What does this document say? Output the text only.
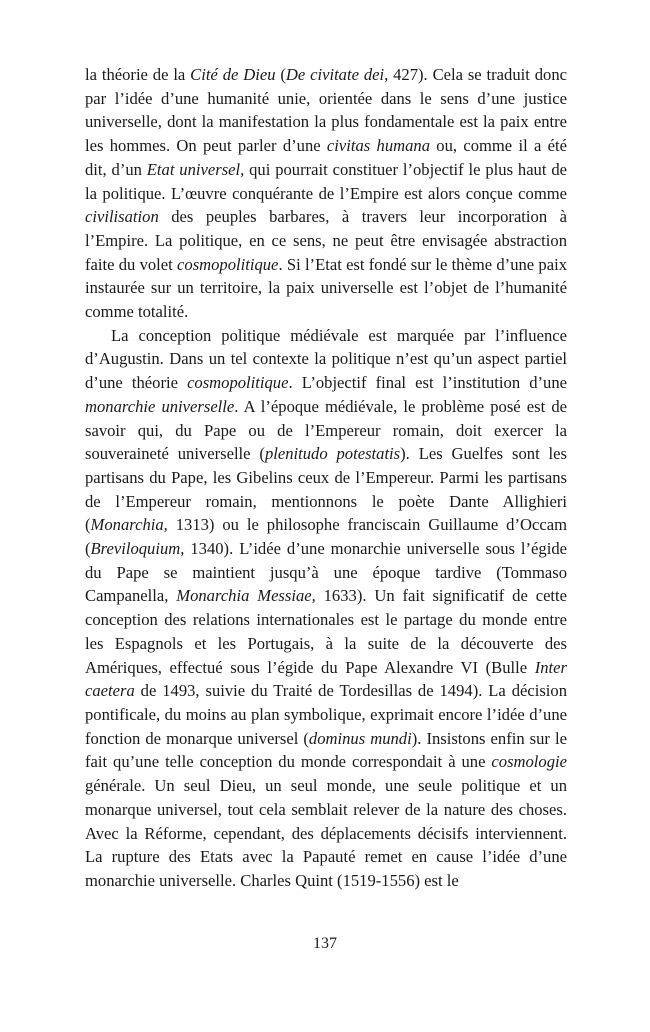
la théorie de la Cité de Dieu (De civitate dei, 427). Cela se traduit donc par l’idée d’une humanité unie, orientée dans le sens d’une justice universelle, dont la manifestation la plus fondamentale est la paix entre les hommes. On peut parler d’une civitas humana ou, comme il a été dit, d’un Etat universel, qui pourrait constituer l’objectif le plus haut de la politique. L’œuvre conquérante de l’Empire est alors conçue comme civilisation des peuples barbares, à travers leur incorporation à l’Empire. La politique, en ce sens, ne peut être envisagée abstraction faite du volet cosmopolitique. Si l’Etat est fondé sur le thème d’une paix instaurée sur un territoire, la paix universelle est l’objet de l’humanité comme totalité.

La conception politique médiévale est marquée par l’influence d’Augustin. Dans un tel contexte la politique n’est qu’un aspect partiel d’une théorie cosmopolitique. L’objectif final est l’institution d’une monarchie universelle. A l’époque médiévale, le problème posé est de savoir qui, du Pape ou de l’Empereur romain, doit exercer la souveraineté universelle (plenitudo potestatis). Les Guelfes sont les partisans du Pape, les Gibelins ceux de l’Empereur. Parmi les partisans de l’Empereur romain, mentionnons le poète Dante Allighieri (Monarchia, 1313) ou le philosophe franciscain Guillaume d’Occam (Breviloquium, 1340). L’idée d’une monarchie universelle sous l’égide du Pape se maintient jusqu’à une époque tardive (Tommaso Campanella, Monarchia Messiae, 1633). Un fait significatif de cette conception des relations internationales est le partage du monde entre les Espagnols et les Portugais, à la suite de la découverte des Amériques, effectué sous l’égide du Pape Alexandre VI (Bulle Inter caetera de 1493, suivie du Traité de Tordesillas de 1494). La décision pontificale, du moins au plan symbolique, exprimait encore l’idée d’une fonction de monarque universel (dominus mundi). Insistons enfin sur le fait qu’une telle conception du monde correspondait à une cosmologie générale. Un seul Dieu, un seul monde, une seule politique et un monarque universel, tout cela semblait relever de la nature des choses. Avec la Réforme, cependant, des déplacements décisifs interviennent. La rupture des Etats avec la Papauté remet en cause l’idée d’une monarchie universelle. Charles Quint (1519-1556) est le

137
